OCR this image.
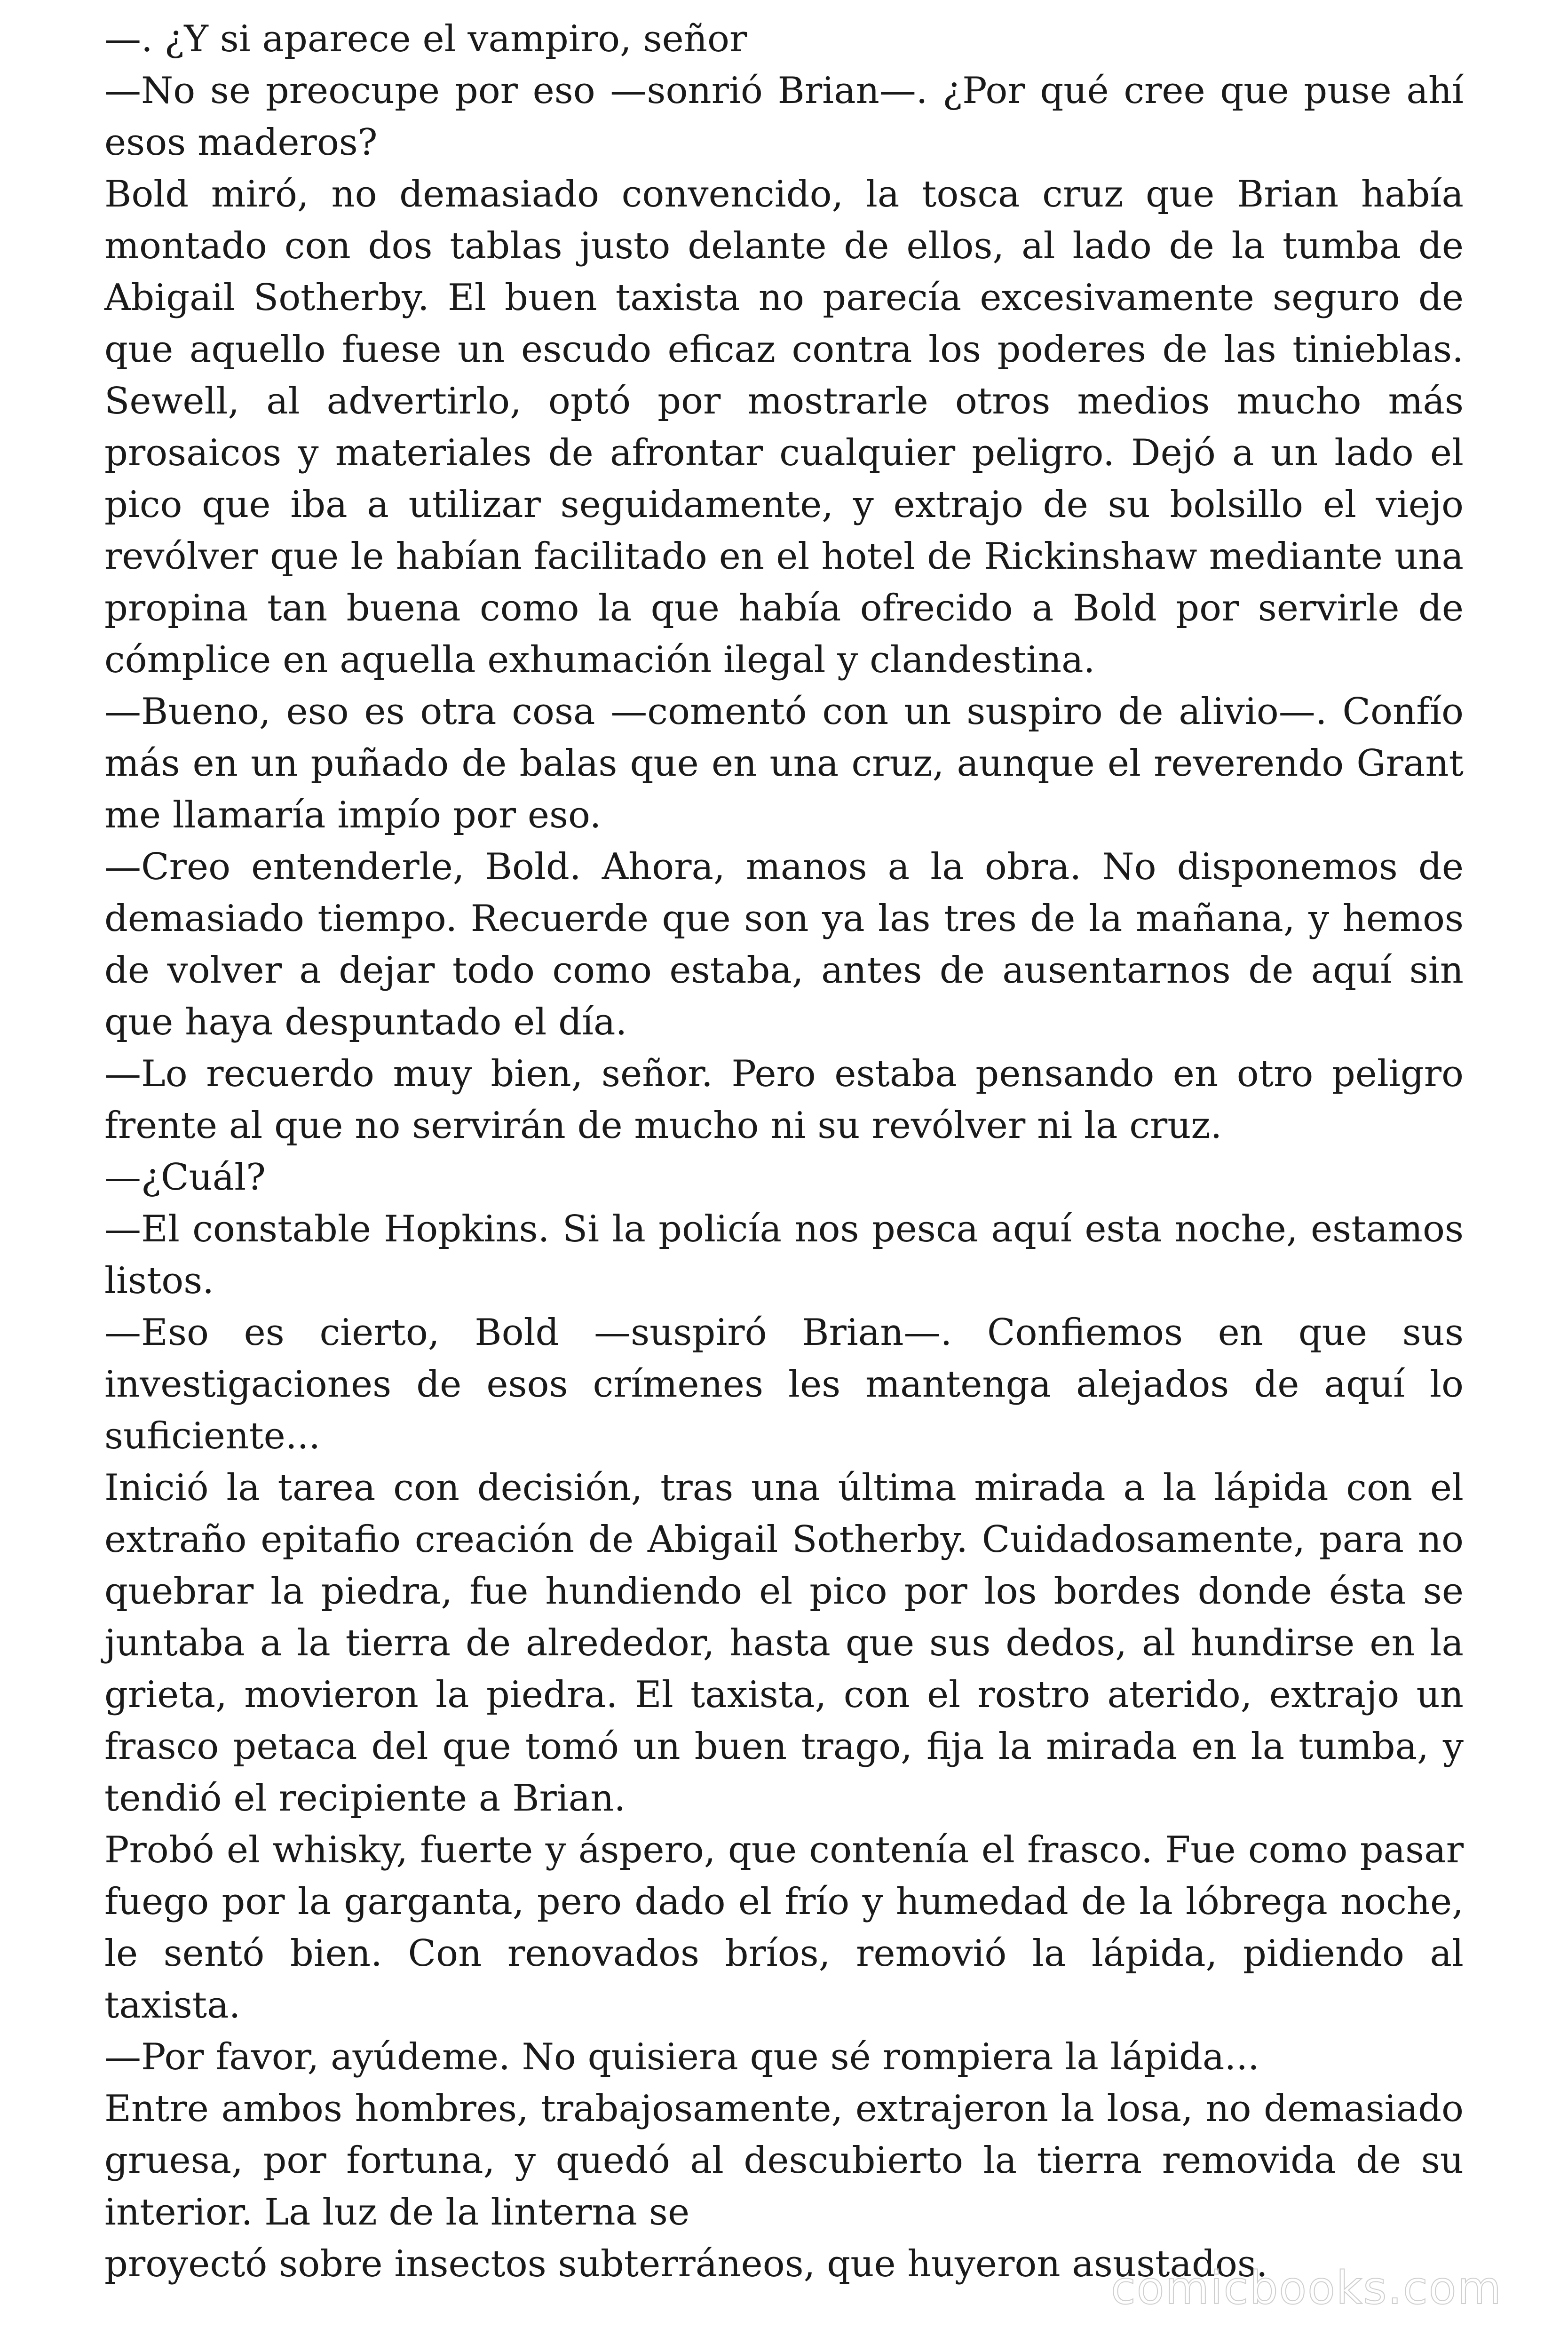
—. ¿Y si aparece el vampiro, señor

—No se preocupe por eso —sonrió Brian—. ¿Por qué cree que puse ahí esos maderos?

Bold miró, no demasiado convencido, la tosca cruz que Brian había montado con dos tablas justo delante de ellos, al lado de la tumba de Abigail Sotherby. El buen taxista no parecía excesivamente seguro de que aquello fuese un escudo eficaz contra los poderes de las tinieblas. Sewell, al advertirlo, optó por mostrarle otros medios mucho más prosaicos y materiales de afrontar cualquier peligro. Dejó a un lado el pico que iba a utilizar seguidamente, y extrajo de su bolsillo el viejo revólver que le habían facilitado en el hotel de Rickinshaw mediante una propina tan buena como la que había ofrecido a Bold por servirle de cómplice en aquella exhumación ilegal y clandestina.

—Bueno, eso es otra cosa —comentó con un suspiro de alivio—. Confío más en un puñado de balas que en una cruz, aunque el reverendo Grant me llamaría impío por eso.

—Creo entenderle, Bold. Ahora, manos a la obra. No disponemos de demasiado tiempo. Recuerde que son ya las tres de la mañana, y hemos de volver a dejar todo como estaba, antes de ausentarnos de aquí sin que haya despuntado el día.

—Lo recuerdo muy bien, señor. Pero estaba pensando en otro peligro frente al que no servirán de mucho ni su revólver ni la cruz.

—¿Cuál?

—El constable Hopkins. Si la policía nos pesca aquí esta noche, estamos listos.

—Eso es cierto, Bold —suspiró Brian—. Confiemos en que sus investigaciones de esos crímenes les mantenga alejados de aquí lo suficiente...

Inició la tarea con decisión, tras una última mirada a la lápida con el extraño epitafio creación de Abigail Sotherby. Cuidadosamente, para no quebrar la piedra, fue hundiendo el pico por los bordes donde ésta se juntaba a la tierra de alrededor, hasta que sus dedos, al hundirse en la grieta, movieron la piedra. El taxista, con el rostro aterido, extrajo un frasco petaca del que tomó un buen trago, fija la mirada en la tumba, y tendió el recipiente a Brian.

Probó el whisky, fuerte y áspero, que contenía el frasco. Fue como pasar fuego por la garganta, pero dado el frío y humedad de la lóbrega noche, le sentó bien. Con renovados bríos, removió la lápida, pidiendo al taxista.

—Por favor, ayúdeme. No quisiera que sé rompiera la lápida...

Entre ambos hombres, trabajosamente, extrajeron la losa, no demasiado gruesa, por fortuna, y quedó al descubierto la tierra removida de su interior. La luz de la linterna se

proyectó sobre insectos subterráneos, que huyeron asustados.

comicbooks.com
